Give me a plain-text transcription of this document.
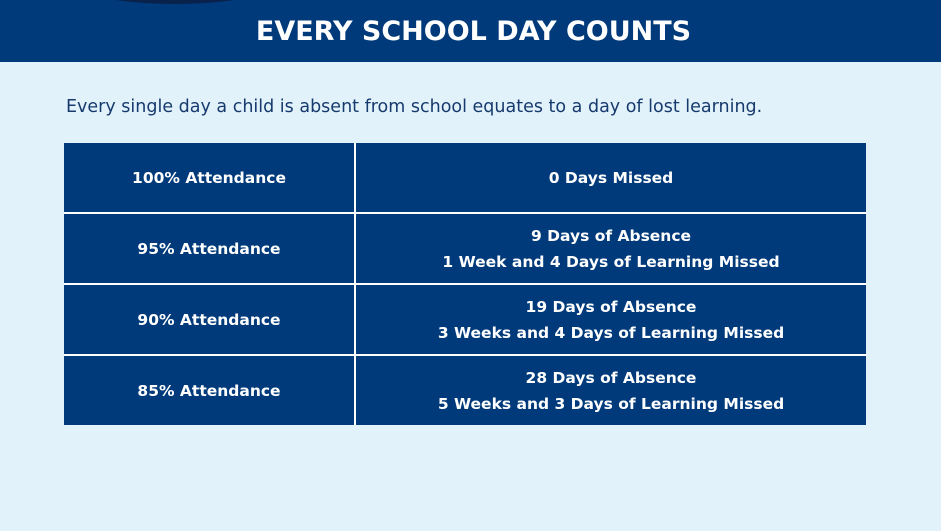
EVERY SCHOOL DAY COUNTS
Every single day a child is absent from school equates to a day of lost learning.
100% Attendance	0 Days Missed

95% Attendance	9 Days of Absence
1 Week and 4 Days of Learning Missed

90% Attendance	19 Days of Absence
3 Weeks and 4 Days of Learning Missed

85% Attendance	28 Days of Absence
5 Weeks and 3 Days of Learning Missed
